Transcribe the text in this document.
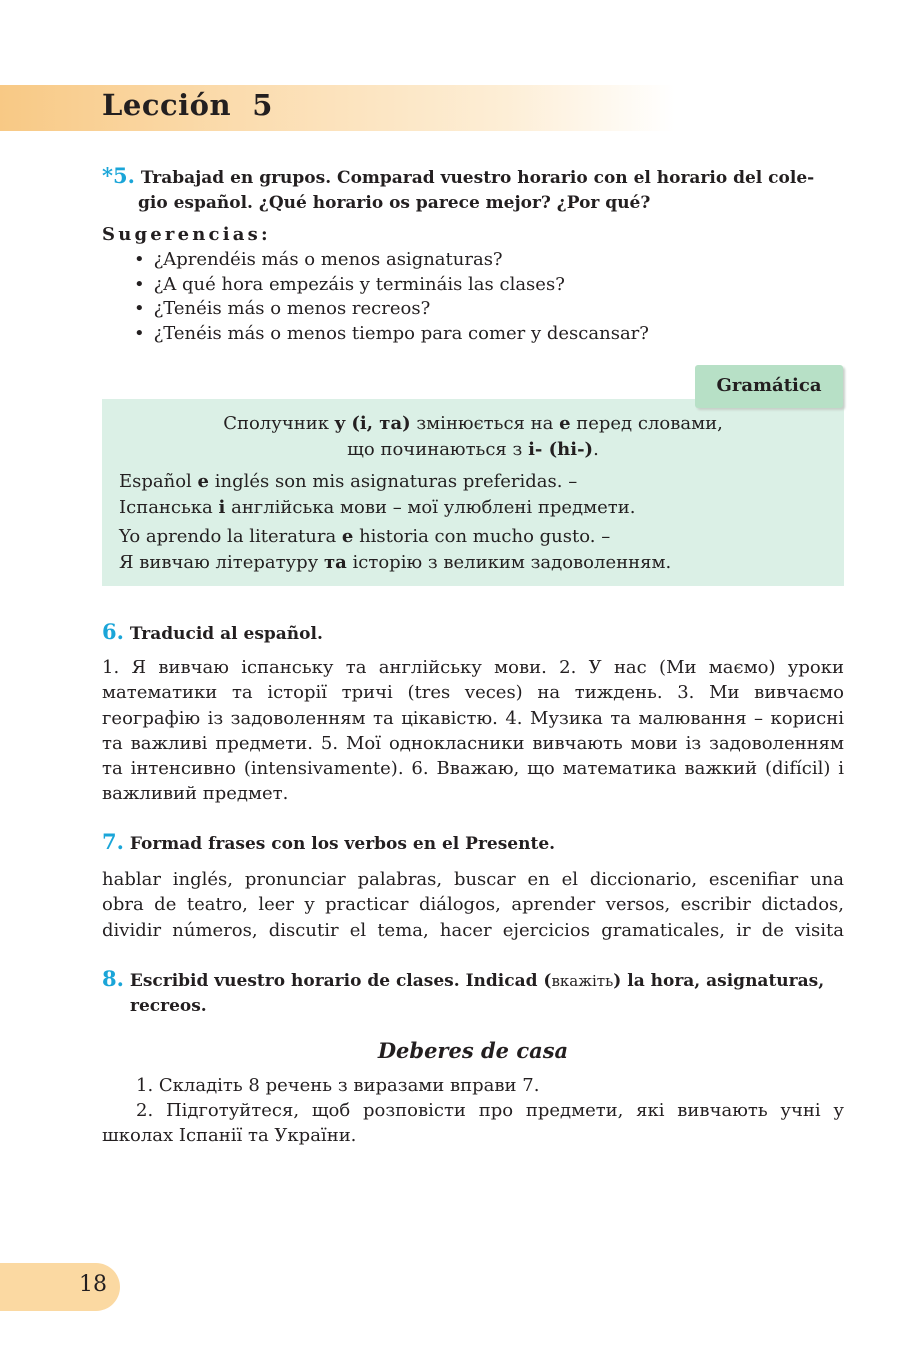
Lección  5
*5. Trabajad en grupos. Comparad vuestro horario con el horario del cole-
gio español. ¿Qué horario os parece mejor? ¿Por qué?
Sugerencias:
• ¿Aprendéis más o menos asignaturas?
• ¿A qué hora empezáis y termináis las clases?
• ¿Tenéis más o menos recreos?
• ¿Tenéis más o menos tiempo para comer y descansar?
Сполучник y (i, та) змінюється на e перед словами,
що починаються з i- (hi-).
Español e inglés son mis asignaturas preferidas. –
Іспанська і англійська мови – мої улюблені предмети.
Yo aprendo la literatura e historia con mucho gusto. –
Я вивчаю літературу та історію з великим задоволенням.
Gramática
6. Traducid al español.
1. Я вивчаю іспанську та англійську мови. 2. У нас (Ми маємо) уроки
математики та історії тричі (tres veces) на тиждень. 3. Ми вивчаємо
географію із задоволенням та цікавістю. 4. Музика та малювання – корисні
та важливі предмети. 5. Мої однокласники вивчають мови із задоволенням
та інтенсивно (intensivamente). 6. Вважаю, що математика важкий (difícil) і
важливий предмет.
7. Formad frases con los verbos en el Presente.
hablar inglés, pronunciar palabras, buscar en el diccionario, escenifiar una
obra de teatro, leer y practicar diálogos, aprender versos, escribir dictados,
dividir números, discutir el tema, hacer ejercicios gramaticales, ir de visita
8. Escribid vuestro horario de clases. Indicad (вкажіть) la hora, asignaturas,
recreos.
Deberes de casa
1. Складіть 8 речень з виразами вправи 7.
2. Підготуйтеся, щоб розповісти про предмети, які вивчають учні у
школах Іспанії та України.
18
